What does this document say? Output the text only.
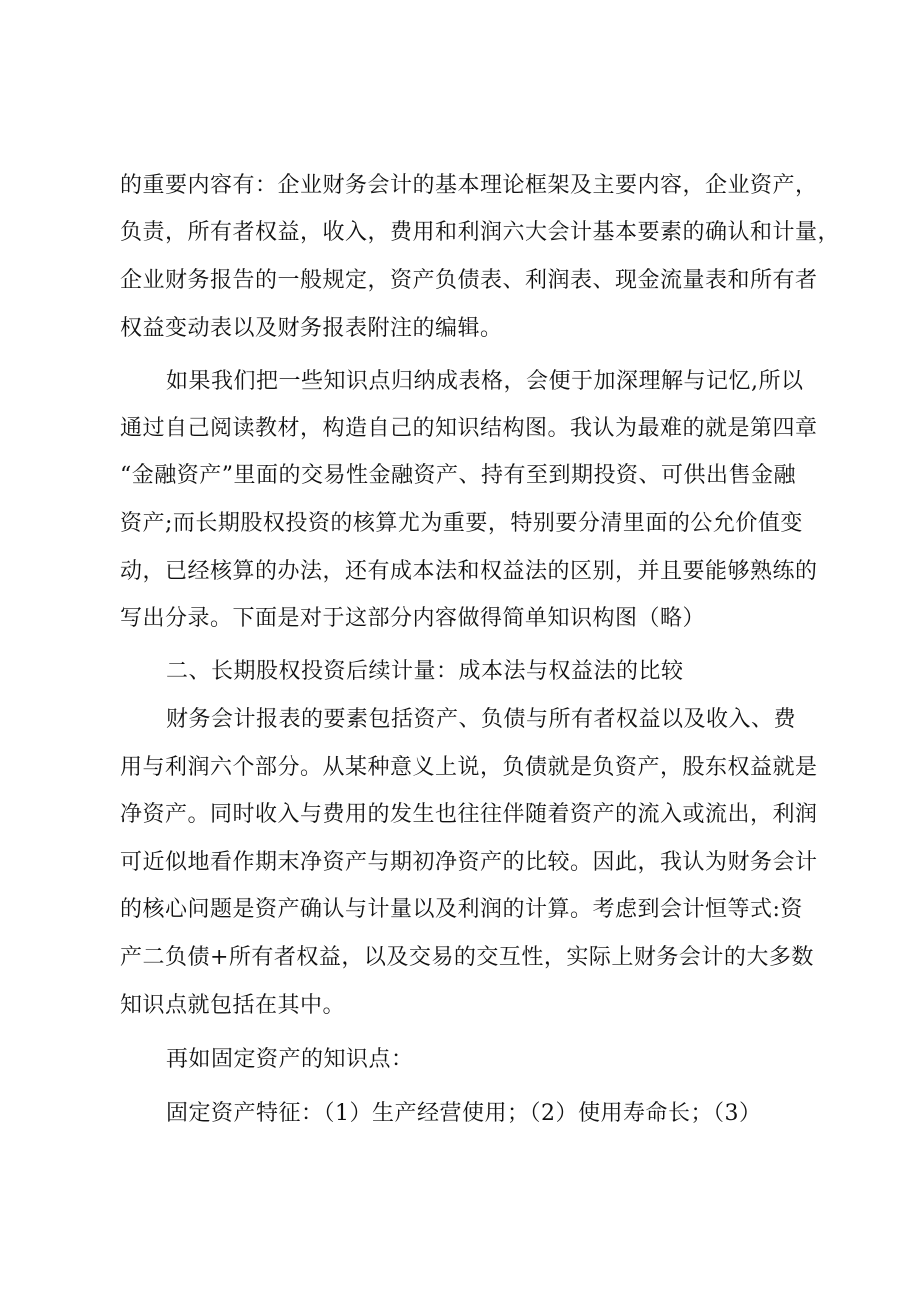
的重要内容有：企业财务会计的基本理论框架及主要内容，企业资产，
负责，所有者权益，收入，费用和利润六大会计基本要素的确认和计量，
企业财务报告的一般规定，资产负债表、利润表、现金流量表和所有者
权益变动表以及财务报表附注的编辑。
如果我们把一些知识点归纳成表格，会便于加深理解与记忆,所以
通过自己阅读教材，构造自己的知识结构图。我认为最难的就是第四章
“金融资产”里面的交易性金融资产、持有至到期投资、可供出售金融
资产;而长期股权投资的核算尤为重要，特别要分清里面的公允价值变
动，已经核算的办法，还有成本法和权益法的区别，并且要能够熟练的
写出分录。下面是对于这部分内容做得简单知识构图（略）
二、长期股权投资后续计量：成本法与权益法的比较
财务会计报表的要素包括资产、负债与所有者权益以及收入、费
用与利润六个部分。从某种意义上说，负债就是负资产，股东权益就是
净资产。同时收入与费用的发生也往往伴随着资产的流入或流出，利润
可近似地看作期末净资产与期初净资产的比较。因此，我认为财务会计
的核心问题是资产确认与计量以及利润的计算。考虑到会计恒等式:资
产二负债+所有者权益，以及交易的交互性，实际上财务会计的大多数
知识点就包括在其中。
再如固定资产的知识点：
固定资产特征：（1）生产经营使用；（2）使用寿命长；（3）
